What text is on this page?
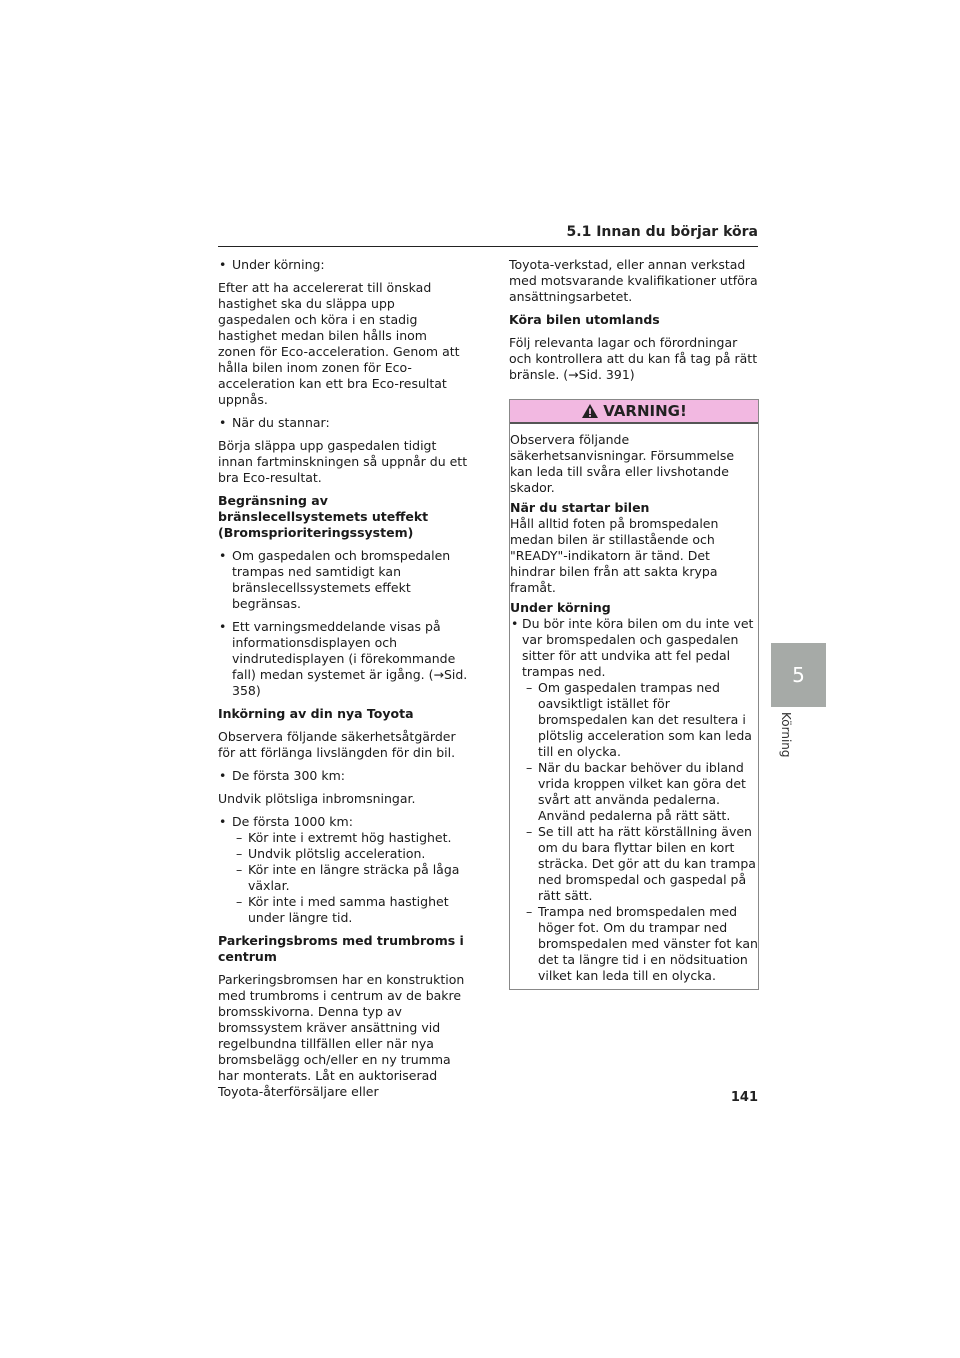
5.1 Innan du börjar köra
5
Körning
• Under körning:

Efter att ha accelererat till önskad hastighet ska du släppa upp gaspedalen och köra i en stadig hastighet medan bilen hålls inom zonen för Eco-acceleration. Genom att hålla bilen inom zonen för Eco-acceleration kan ett bra Eco-resultat uppnås.

• När du stannar:

Börja släppa upp gaspedalen tidigt innan fartminskningen så uppnår du ett bra Eco-resultat.

Begränsning av bränslecellsystemets uteffekt (Bromsprioriteringssystem)

• Om gaspedalen och bromspedalen trampas ned samtidigt kan bränslecellssystemets effekt begränsas.
• Ett varningsmeddelande visas på informationsdisplayen och vindrutedisplayen (i förekommande fall) medan systemet är igång. (→Sid. 358)

Inkörning av din nya Toyota

Observera följande säkerhetsåtgärder för att förlänga livslängden för din bil.

• De första 300 km:

Undvik plötsliga inbromsningar.

• De första 1000 km:
– Kör inte i extremt hög hastighet.
– Undvik plötslig acceleration.
– Kör inte en längre sträcka på låga växlar.
– Kör inte i med samma hastighet under längre tid.

Parkeringsbroms med trumbroms i centrum

Parkeringsbromsen har en konstruktion med trumbroms i centrum av de bakre bromsskivorna. Denna typ av bromssystem kräver ansättning vid regelbundna tillfällen eller när nya bromsbelägg och/eller en ny trumma har monterats. Låt en auktoriserad Toyota-återförsäljare eller

Toyota-verkstad, eller annan verkstad med motsvarande kvalifikationer utföra ansättningsarbetet.

Köra bilen utomlands

Följ relevanta lagar och förordningar och kontrollera att du kan få tag på rätt bränsle. (→Sid. 391)

VARNING!

Observera följande säkerhetsanvisningar. Försummelse kan leda till svåra eller livshotande skador.

När du startar bilen

Håll alltid foten på bromspedalen medan bilen är stillastående och "READY"-indikatorn är tänd. Det hindrar bilen från att sakta krypa framåt.

Under körning

• Du bör inte köra bilen om du inte vet var bromspedalen och gaspedalen sitter för att undvika att fel pedal trampas ned.
– Om gaspedalen trampas ned oavsiktligt istället för bromspedalen kan det resultera i plötslig acceleration som kan leda till en olycka.
– När du backar behöver du ibland vrida kroppen vilket kan göra det svårt att använda pedalerna. Använd pedalerna på rätt sätt.
– Se till att ha rätt körställning även om du bara flyttar bilen en kort sträcka. Det gör att du kan trampa ned bromspedal och gaspedal på rätt sätt.
– Trampa ned bromspedalen med höger fot. Om du trampar ned bromspedalen med vänster fot kan det ta längre tid i en nödsituation vilket kan leda till en olycka.
141
